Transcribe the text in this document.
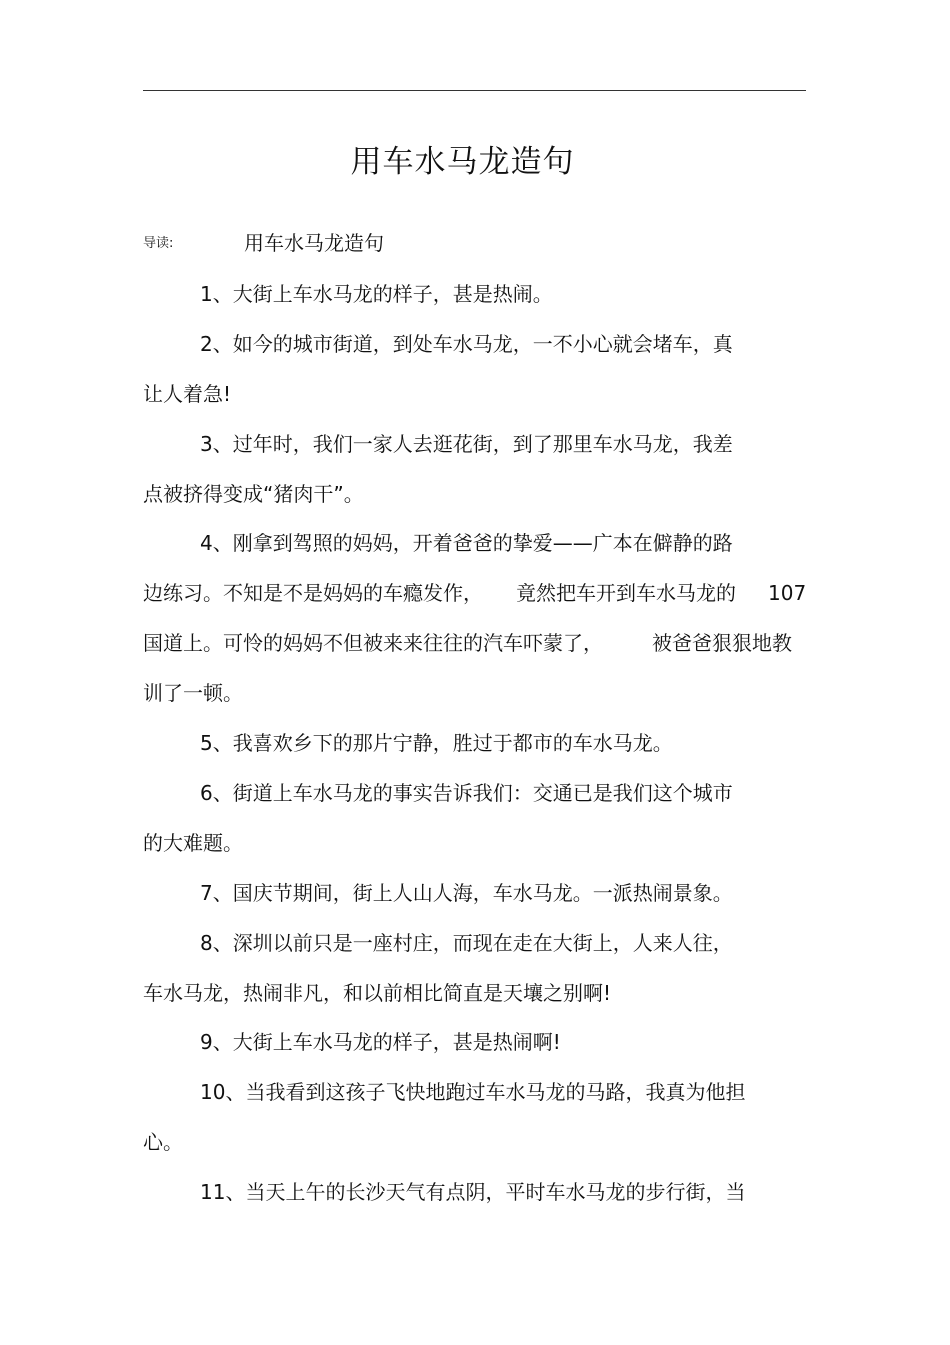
用车水马龙造句
导读:	用车水马龙造句
1、大街上车水马龙的样子，甚是热闹。
2、如今的城市街道，到处车水马龙，一不小心就会堵车，真
让人着急!
3、过年时，我们一家人去逛花街，到了那里车水马龙，我差
点被挤得变成“猪肉干”。
4、刚拿到驾照的妈妈，开着爸爸的挚爱——广本在僻静的路
边练习。不知是不是妈妈的车瘾发作， 竟然把车开到车水马龙的 107
国道上。可怜的妈妈不但被来来往往的汽车吓蒙了， 被爸爸狠狠地教
训了一顿。
5、我喜欢乡下的那片宁静，胜过于都市的车水马龙。
6、街道上车水马龙的事实告诉我们：交通已是我们这个城市
的大难题。
7、国庆节期间，街上人山人海，车水马龙。一派热闹景象。
8、深圳以前只是一座村庄，而现在走在大街上，人来人往，
车水马龙，热闹非凡，和以前相比简直是天壤之别啊!
9、大街上车水马龙的样子，甚是热闹啊!
10、当我看到这孩子飞快地跑过车水马龙的马路，我真为他担
心。
11、当天上午的长沙天气有点阴，平时车水马龙的步行街，当
